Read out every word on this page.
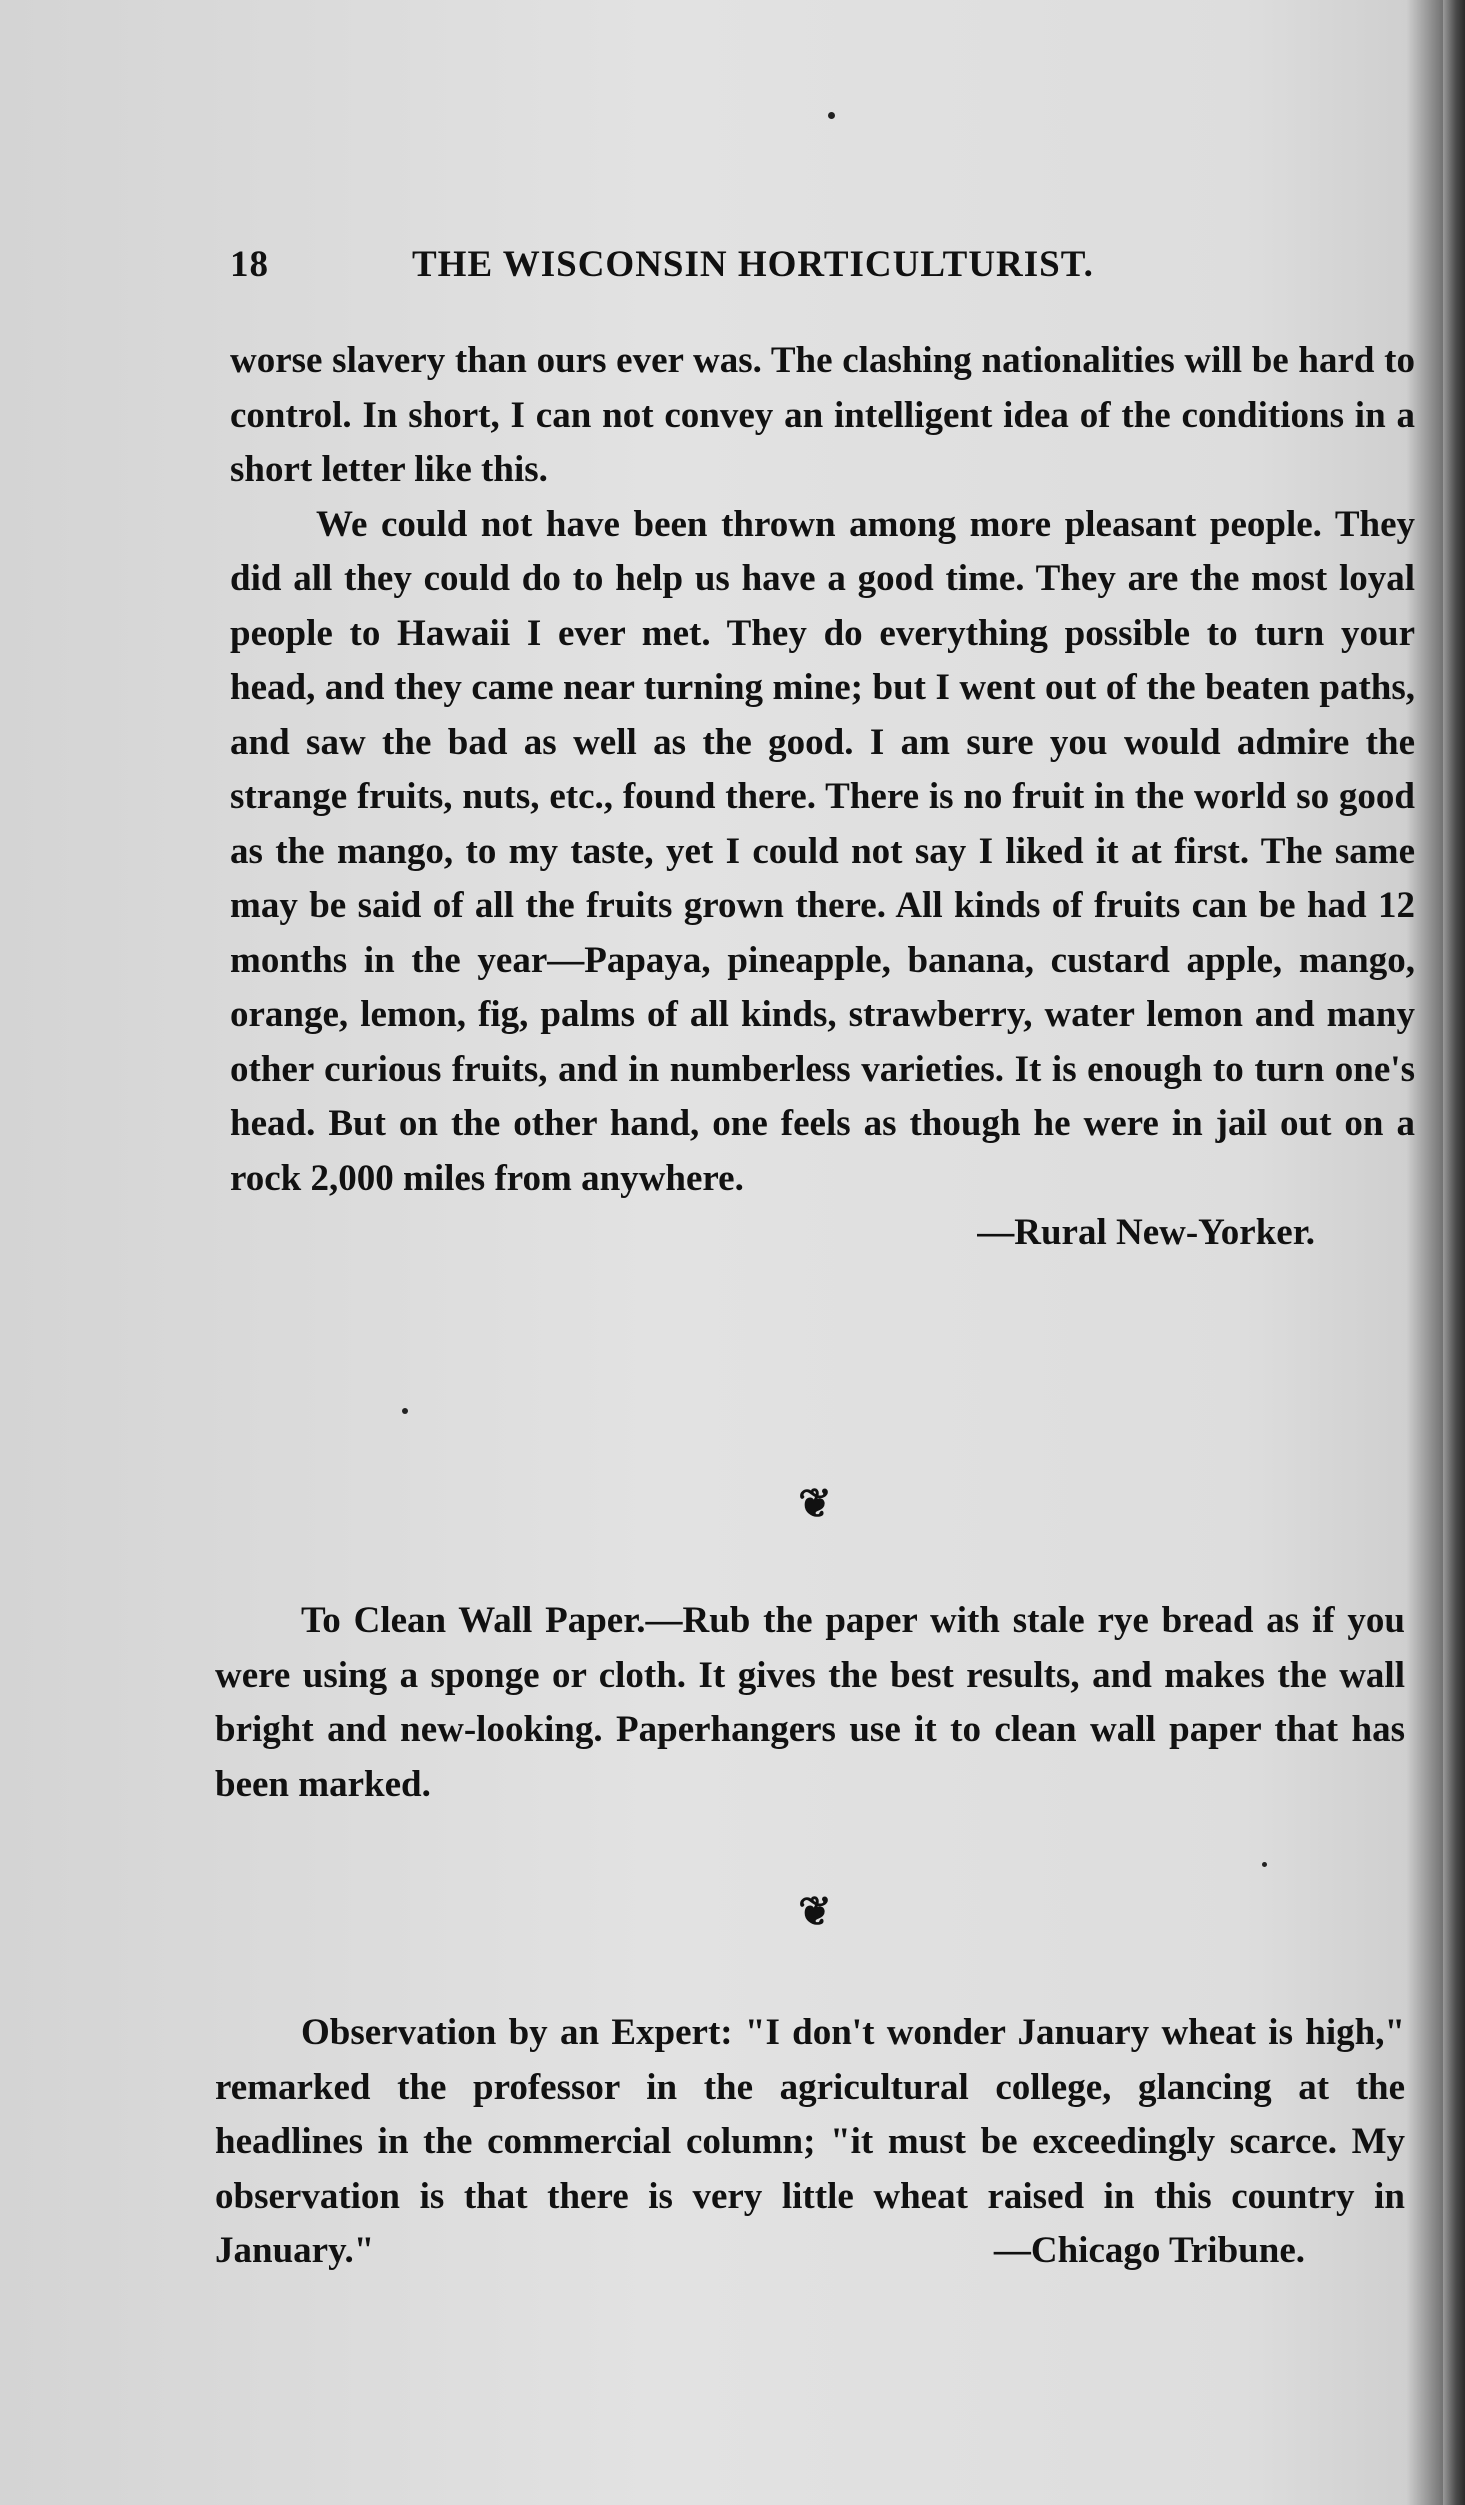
18	THE WISCONSIN HORTICULTURIST.

worse slavery than ours ever was. The clashing nationalities will be hard to control. In short, I can not convey an intelligent idea of the conditions in a short letter like this.

We could not have been thrown among more pleasant people. They did all they could do to help us have a good time. They are the most loyal people to Hawaii I ever met. They do everything possible to turn your head, and they came near turning mine; but I went out of the beaten paths, and saw the bad as well as the good. I am sure you would admire the strange fruits, nuts, etc., found there. There is no fruit in the world so good as the mango, to my taste, yet I could not say I liked it at first. The same may be said of all the fruits grown there. All kinds of fruits can be had 12 months in the year—Papaya, pineapple, banana, custard apple, mango, orange, lemon, fig, palms of all kinds, strawberry, water lemon and many other curious fruits, and in numberless varieties. It is enough to turn one's head. But on the other hand, one feels as though he were in jail out on a rock 2,000 miles from anywhere.

—Rural New-Yorker.

❦

To Clean Wall Paper.—Rub the paper with stale rye bread as if you were using a sponge or cloth. It gives the best results, and makes the wall bright and new-looking. Paperhangers use it to clean wall paper that has been marked.

❦

Observation by an Expert: "I don't wonder January wheat is high," remarked the professor in the agricultural college, glancing at the headlines in the commercial column; "it must be exceedingly scarce. My observation is that there is very little wheat raised in this country in January."	—Chicago Tribune.
